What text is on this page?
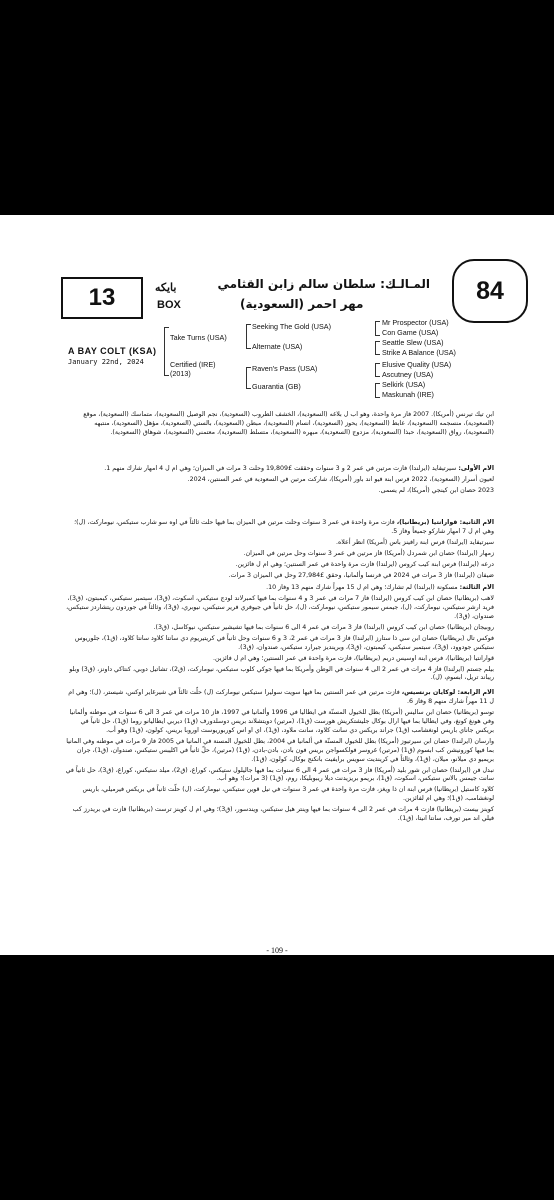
84
المـالـك: سلطان سالم زابن القثامي
مهر احمر (السعودية)
بايكه
BOX
13
A BAY COLT (KSA)
January 22nd, 2024
Take Turns (USA)
Certified (IRE)
(2013)
Seeking The Gold (USA)
Alternate (USA)
Raven's Pass (USA)
Guarantia (GB)
Mr Prospector (USA)
Con Game (USA)
Seattle Slew (USA)
Strike A Balance (USA)
Elusive Quality (USA)
Ascutney (USA)
Selkirk (USA)
Maskunah (IRE)

ابن تيك تيرنس (أمريكا). 2007 فاز مرة واحدة، وهو اب ل بلاغه (السعودية)، الخشف الطروب (السعودية)، نجم الوصيل (السعودية)، متماسك (السعودية)، موقع (السعودية)، منسجمه (السعودية)، عابط (السعودية)، يحوز (السعودية)، انسام (السعودية)، مبطن (السعودية)، بالستي (السعودية)، مؤهل (السعودية)، منتبهه (السعودية)، رواق (السعودية)، حبذا (السعودية)، مزدوج (السعودية)، مبهره (السعودية)، متسلط (السعودية)، معتمني (السعودية)، شوهاق (السعودية).

الام الأولى: سيرتيفايد (ايرلندا) فازت مرتين في عمر 2 و 3 سنوات وحققت £19,809 وحلت 3 مرات في الميزان؛ وهي ام ل 4 امهار شارك منهم 1.

لعيون أسرار (السعودية)، 2022 فرس ابنة فيو اند باور (أمريكا)، شاركت مرتين في السعودية في عمر السنتين، 2024.

2023 حصان ابن كينجي (أمريكا)، لم يسمى.

الام الثانية: قوارانتيا (بريطانيا)، فازت مرة واحدة في عمر 3 سنوات وحلت مرتين في الميزان بما فيها حلت ثالثاً في اوه سو شارب ستيكس، نيوماركت، (ل)؛ وهي ام ل 7 امهار شاركو جميعاً وفاز 5.

سيرتيفايد (ايرلندا) فرس ابنة رافينز باس (أمريكا) انظر أعلاه.

زمهار (ايرلندا) حصان ابن شمردل (أمريكا) فاز مرتين في عمر 3 سنوات وحل مرتين في الميزان.

درعه (ايرلندا) فرس ابنة كيب كروس (ايرلندا) فازت مرة واحدة في عمر السنتين؛ وهي ام ل فائزين.

ضيفان (ايرلندا) فاز 3 مرات في 2024 في فرنسا وألمانيا، وحقق £27,984 وحل في الميزان 3 مرات.

الام الثالثة: مسكونة (ايرلندا) لم تشارك؛ وهي ام ل 15 مهراً شارك منهم 13 وفاز 10.

لاهب (بريطانيا) حصان ابن كيب كروس (ايرلندا) فاز 7 مرات في عمر 3 و 4 سنوات بما فيها كمبرلاند لودج ستيكس، اسكوت، (ق3)، سبتمبر ستيكس، كيمبتون، (ق3)، فريد ارشر ستيكس، نيوماركت، (ل)، جيمس سيمور ستيكس، نيوماركت، (ل)، حل ثانياً في جيوفري فرير ستيكس، نيوبري، (ق3)، وثالثاً في جوردون ريتشاردز ستيكس، صندوان، (ق3).

روبيجان (بريطانيا) حصان ابن كيب كروس (ايرلندا) فاز 3 مرات في عمر 4 الى 6 سنوات بما فيها تشيشير ستيكس، نيوكاسل، (ق3).

فوكس تال (بريطانيا) حصان ابن سي ذا ستارز (ايرلندا) فاز 3 مرات في عمر 2، 3 و 6 سنوات وحل ثانياً في كريتيريوم دي سانتا كلاود سانتا كلاود، (ق1)، جلوريوس ستيكس جودوود، (ق3)، سبتمبر ستيكس، كيمبتون، (ق3)، وبرينديز جيرارد ستيكس، صندوان، (ق3).

قوارانتيا (بريطانيا)، فرس ابنة اوسيس دريم (بريطانيا)، فازت مرة واحدة في عمر السنتين؛ وهي ام ل فائزين.

بيلم جستم (ايرلندا) فاز 4 مرات في عمر 2 الى 4 سنوات في الوطن وأمريكا بما فيها جوكي كلوب ستيكس، نيوماركت، (ق2)، تشاتيل دوبي، كنتاكي داونز، (ق3) وبلو ريباند تريل، ابسوم، (ل).

الام الرابعة: لوكايان برنسيس، فازت مرتين في عمر السنتين بما فيها سويت سوليرا ستيكس نيوماركت (ل) حلّت ثالثاً في شيرغاير اوكس، شيستر، (ل)؛ وهي ام ل 11 مهراً شارك منهم 8 وفاز 6.

توسو (بريطانيا) حصان ابن ساليس (أمريكا) بطل للخيول المسنّة في ايطاليا في 1996 وألمانيا في 1997، فاز 10 مرات في عمر 3 الى 6 سنوات في موطنه وألمانيا وفي هونغ كونغ، وفي ايطاليا بما فيها ارال بوكال جليشتكريش هورست (ق1)، (مرتين) دويتشلاند بريس دوسلدورف (ق1) ديربي ايطاليانو روما (ق1)، حل ثانياً في بريكس جاناي باريس لونغشامب (ق1) جراند بريكس دي سانت كلاود، سانت ملاود، (ق1)، اي او اس كوربوريوست اوروبا بريس، كولون، (ق1) وهو أب.

وارسان (ايرلندا) حصان ابن سيرتيوز (أمريكا) بطل للخيول المسنّة في ألمانيا في 2004، بطل للخيول المسنة في المانيا في 2005 فاز 9 مرات في موطنه وفي المانيا بما فيها كورونيشن كب ابسوم (ق1) (مرتين) غروسر فولكسواجن بريس فون بادن، بادن-بادن، (ق1) (مرتين)، حلّ ثانياً في اكليبس ستيكس، صندوان، (ق1)، جران بريميو دي ميلانو، ميلان، (ق1)، وثالثاً في كرينديت سويس برايفيت بانكنج بوكال، كولون، (ق1).

نبدل فن (ايرلندا) حصان ابن شور بليد (أمريكا) فاز 3 مرات في عمر 4 الى 6 سنوات بما فيها جاليلول ستيكس، كوراغ، (ق2)، ميلد ستيكس، كوراغ، (ق3)، حل ثانياً في سانت جيمس بالاس ستيكس، اسكوت، (ق1)، بريمو بريزيدنت ديلا ريبوبليكا، روم، (ق1) (3 مرات)؛ وهو أب.

كلاود كاستيل (بريطانيا) فرس ابنة ان ذا ويغز، فازت مرة واحدة في عمر 3 سنوات في نيل قوين ستيكس، نيوماركت، (ل) حلّت ثانياً في بريكس فيرميلي، باريس لونغشامب، (ق1)؛ وهي ام لفائزين.

كوينز بيست (بريطانيا) فازت 4 مرات في عمر 2 الى 4 سنوات بما فيها وينتر هيل ستيكس، ويندسور، (ق3)؛ وهي ام ل كوينز ترست (بريطانيا) فازت في بريدرز كب فيلي اند مير تورف، سانتا انيتا، (ق1).

- 109 -
